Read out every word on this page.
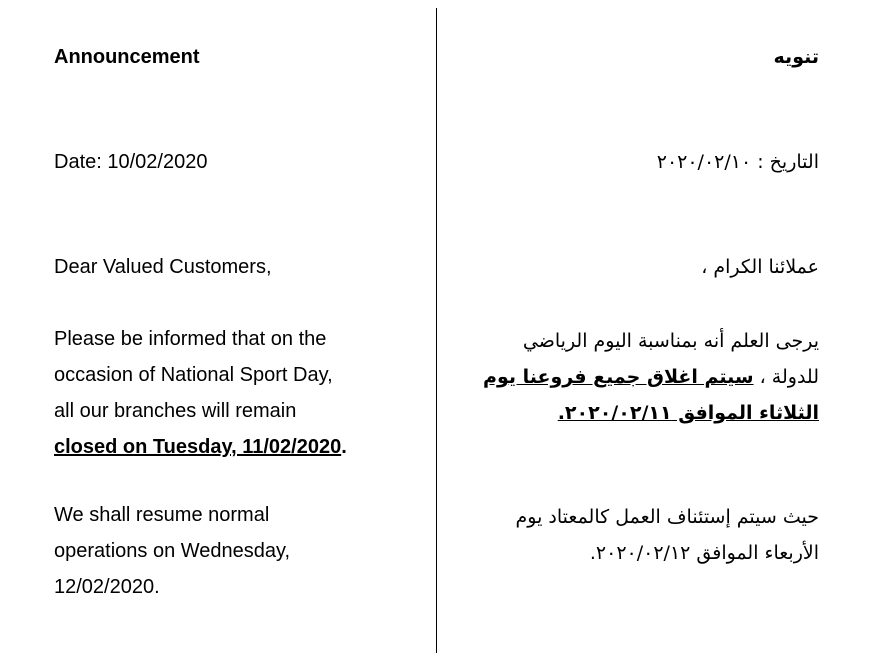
Announcement
Date: 10/02/2020
Dear Valued Customers,
Please be informed that on the
occasion of National Sport Day,
all our branches will remain
closed on Tuesday, 11/02/2020.
We shall resume normal
operations on Wednesday,
12/02/2020.
تنويه
التاريخ : ٢٠٢٠/٠٢/١٠
عملائنا الكرام ،
يرجى العلم أنه بمناسبة اليوم الرياضي
للدولة ، سيتم اغلاق جميع فروعنا يوم
الثلاثاء الموافق ٢٠٢٠/٠٢/١١.
حيث سيتم إستئناف العمل كالمعتاد يوم
الأربعاء الموافق ٢٠٢٠/٠٢/١٢.
